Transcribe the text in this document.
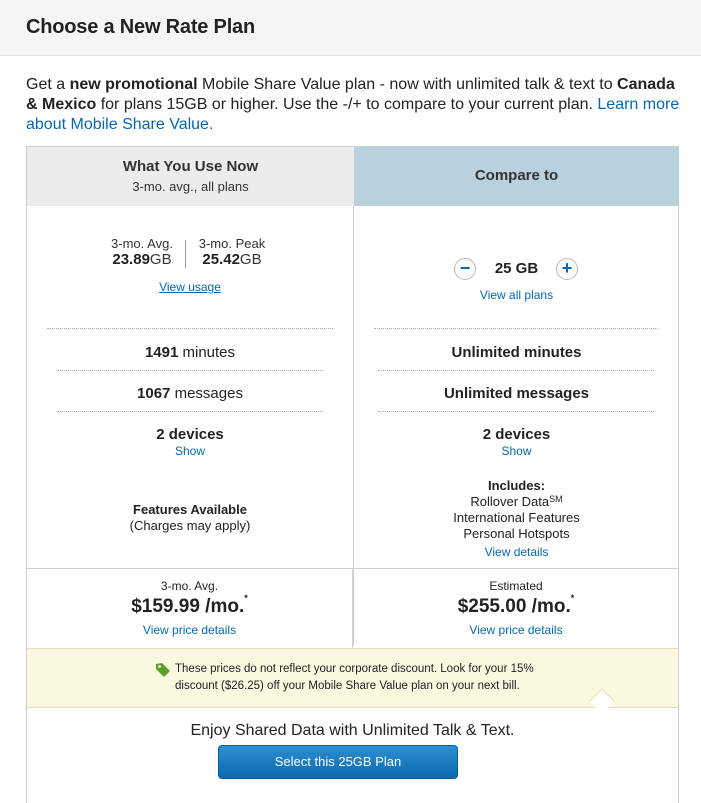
Choose a New Rate Plan
Get a new promotional Mobile Share Value plan - now with unlimited talk & text to Canada & Mexico for plans 15GB or higher. Use the -/+ to compare to your current plan. Learn more about Mobile Share Value.
What You Use Now
3-mo. avg., all plans
Compare to
3-mo. Avg.
23.89GB
3-mo. Peak
25.42GB
View usage
1491 minutes
1067 messages
2 devices
Show
Features Available
(Charges may apply)
25 GB
−	+
View all plans
Unlimited minutes
Unlimited messages
2 devices
Show
Includes:
Rollover Data℠
International Features
Personal Hotspots
View details
3-mo. Avg.
$159.99 /mo.*
View price details
Estimated
$255.00 /mo.*
View price details
These prices do not reflect your corporate discount. Look for your 15% discount ($26.25) off your Mobile Share Value plan on your next bill.
Enjoy Shared Data with Unlimited Talk & Text.
Select this 25GB Plan
